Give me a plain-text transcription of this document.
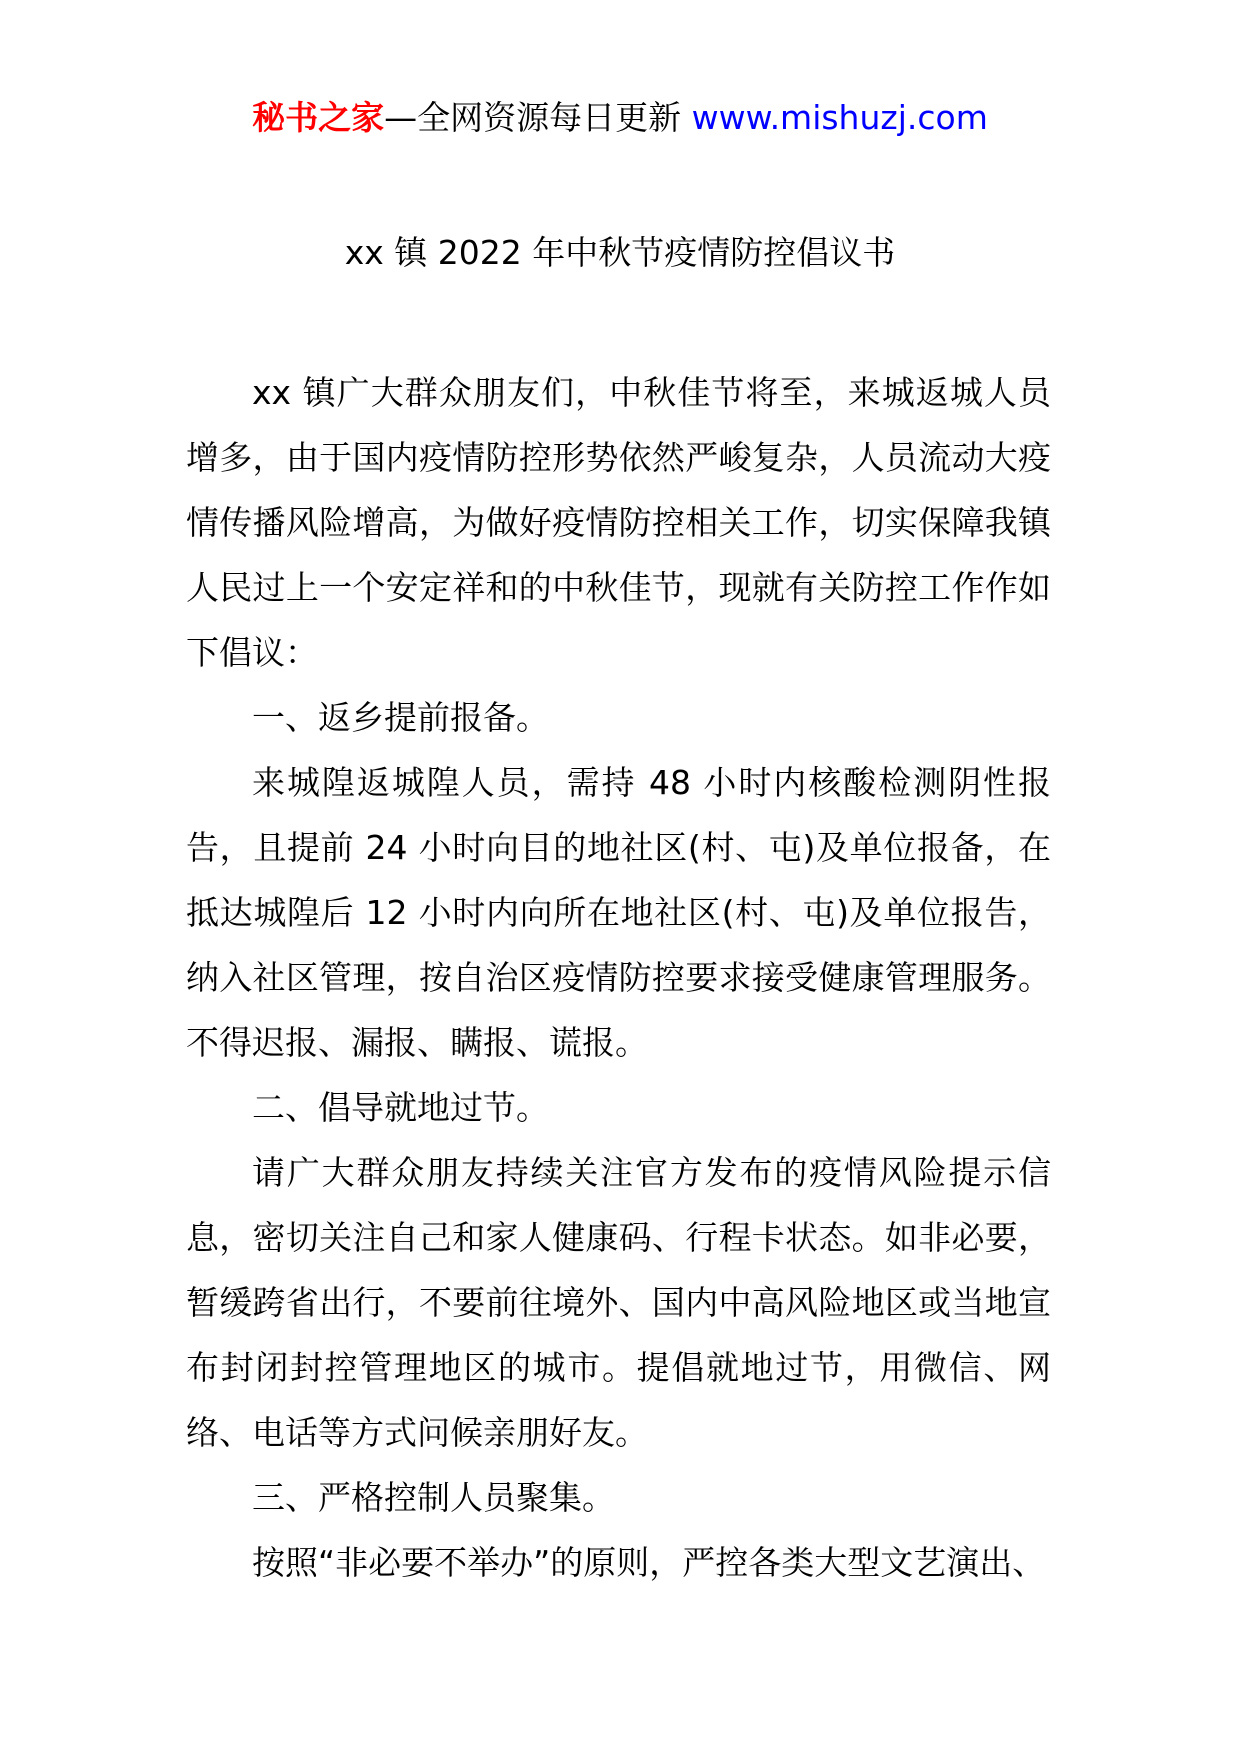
秘书之家—全网资源每日更新 www.mishuzj.com
xx 镇 2022 年中秋节疫情防控倡议书

xx 镇广大群众朋友们，中秋佳节将至，来城返城人员增多，由于国内疫情防控形势依然严峻复杂，人员流动大疫情传播风险增高，为做好疫情防控相关工作，切实保障我镇人民过上一个安定祥和的中秋佳节，现就有关防控工作作如下倡议：

一、返乡提前报备。

来城隍返城隍人员，需持 48 小时内核酸检测阴性报告，且提前 24 小时向目的地社区(村、屯)及单位报备，在抵达城隍后 12 小时内向所在地社区(村、屯)及单位报告，纳入社区管理，按自治区疫情防控要求接受健康管理服务。不得迟报、漏报、瞒报、谎报。

二、倡导就地过节。

请广大群众朋友持续关注官方发布的疫情风险提示信息，密切关注自己和家人健康码、行程卡状态。如非必要，暂缓跨省出行，不要前往境外、国内中高风险地区或当地宣布封闭封控管理地区的城市。提倡就地过节，用微信、网络、电话等方式问候亲朋好友。

三、严格控制人员聚集。

按照“非必要不举办”的原则，严控各类大型文艺演出、
